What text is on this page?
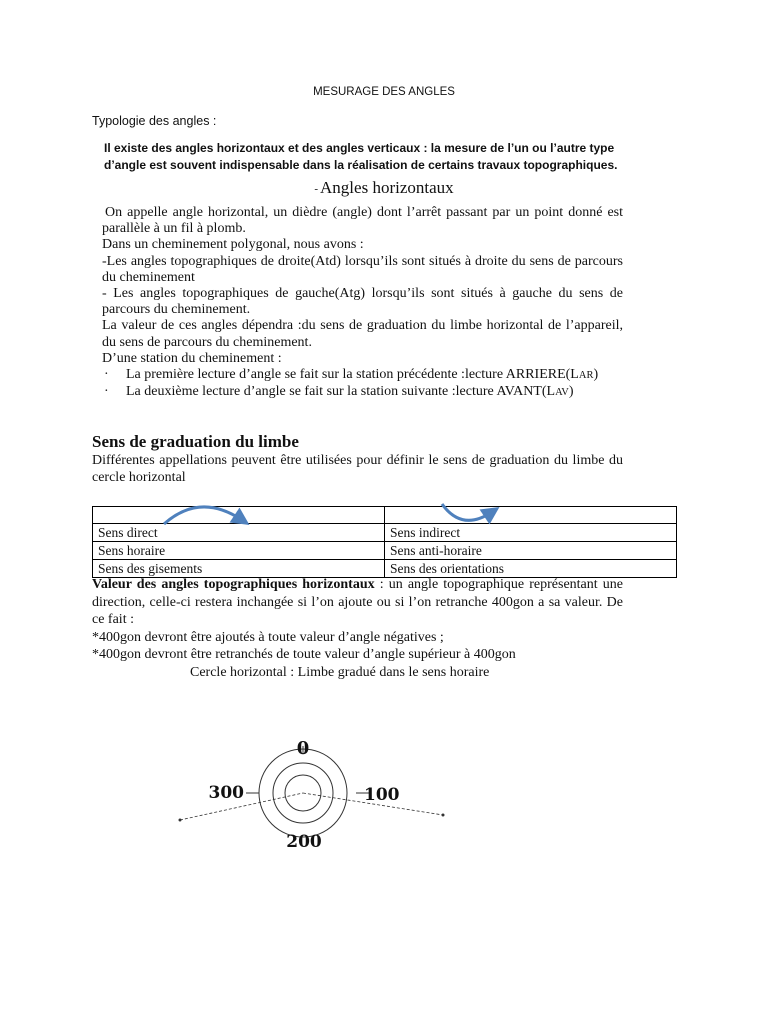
MESURAGE DES ANGLES
Typologie des angles :
Il existe des angles horizontaux et des angles verticaux : la mesure de l’un ou l’autre type d’angle est souvent indispensable dans la réalisation de certains travaux topographiques.
- Angles horizontaux

On appelle angle horizontal, un dièdre (angle) dont l’arrêt passant par un point donné est parallèle à un fil à plomb.

Dans un cheminement polygonal, nous avons :

-Les angles topographiques de droite(Atd) lorsqu’ils sont situés à droite du sens de parcours du cheminement

- Les angles topographiques de gauche(Atg) lorsqu’ils sont situés à gauche du sens de parcours du cheminement.

La valeur de ces angles dépendra :du sens de graduation du limbe horizontal de l’appareil, du sens de parcours du cheminement.

D’une station du cheminement :

·	La première lecture d’angle se fait sur la station précédente :lecture ARRIERE(LAR)
·	La deuxième lecture d’angle se fait sur la station suivante :lecture AVANT(LAV)
Sens de graduation du limbe
Différentes appellations peuvent être utilisées pour définir le sens de graduation du limbe du cercle horizontal

Sens direct	Sens indirect
Sens horaire	Sens anti-horaire
Sens des gisements	Sens des orientations

Valeur des angles topographiques horizontaux : un angle topographique représentant une direction, celle-ci restera inchangée si l’on ajoute ou si l’on retranche 400gon a sa valeur. De ce fait :

*400gon devront être ajoutés à toute valeur d’angle négatives ;

*400gon devront être retranchés de toute valeur d’angle supérieur à 400gon

Cercle horizontal : Limbe gradué dans le sens horaire
0
100
200
300
